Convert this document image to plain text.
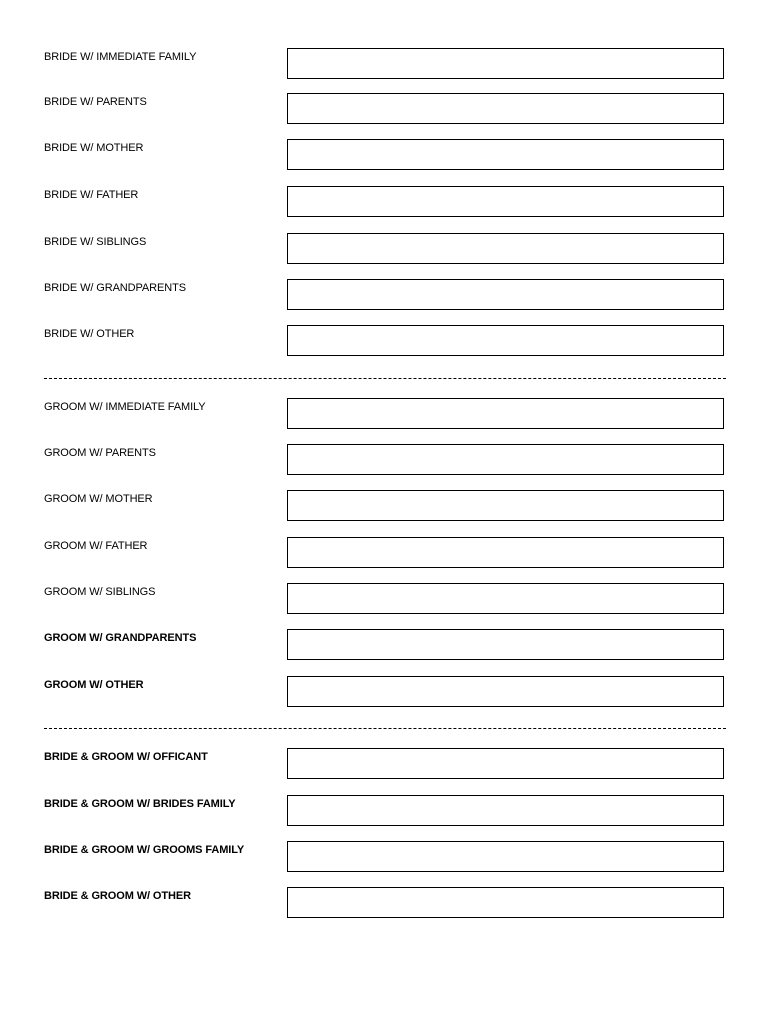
BRIDE W/ IMMEDIATE FAMILY
BRIDE W/ PARENTS
BRIDE W/ MOTHER
BRIDE W/ FATHER
BRIDE W/ SIBLINGS
BRIDE W/ GRANDPARENTS
BRIDE W/ OTHER
GROOM W/ IMMEDIATE FAMILY
GROOM W/ PARENTS
GROOM W/ MOTHER
GROOM W/ FATHER
GROOM W/ SIBLINGS
GROOM W/ GRANDPARENTS
GROOM W/ OTHER
BRIDE & GROOM W/ OFFICANT
BRIDE & GROOM W/ BRIDES FAMILY
BRIDE & GROOM W/ GROOMS FAMILY
BRIDE & GROOM W/ OTHER
